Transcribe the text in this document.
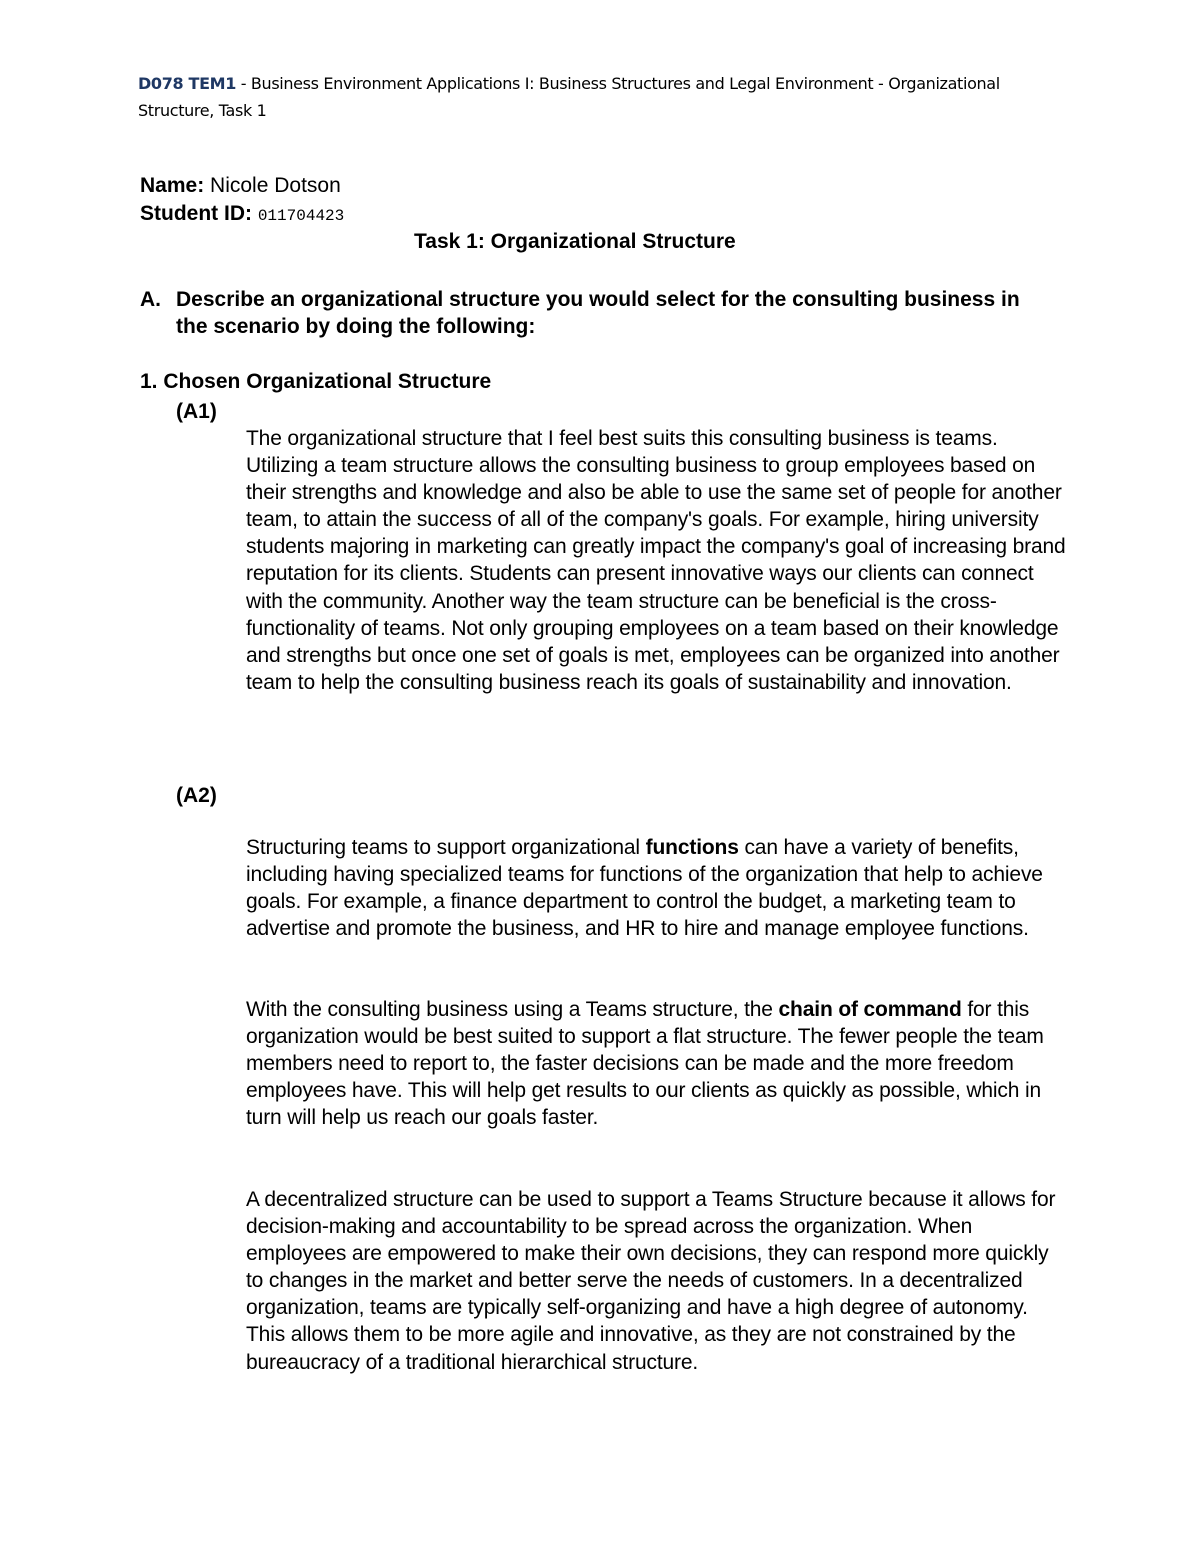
D078 TEM1 - Business Environment Applications I: Business Structures and Legal Environment - Organizational Structure, Task 1
Name: Nicole Dotson
Student ID: 011704423
Task 1: Organizational Structure
A. Describe an organizational structure you would select for the consulting business in the scenario by doing the following:
1. Chosen Organizational Structure
(A1)
The organizational structure that I feel best suits this consulting business is teams. Utilizing a team structure allows the consulting business to group employees based on their strengths and knowledge and also be able to use the same set of people for another team, to attain the success of all of the company's goals. For example, hiring university students majoring in marketing can greatly impact the company's goal of increasing brand reputation for its clients. Students can present innovative ways our clients can connect with the community. Another way the team structure can be beneficial is the cross-functionality of teams. Not only grouping employees on a team based on their knowledge and strengths but once one set of goals is met, employees can be organized into another team to help the consulting business reach its goals of sustainability and innovation.
(A2)
Structuring teams to support organizational functions can have a variety of benefits, including having specialized teams for functions of the organization that help to achieve goals. For example, a finance department to control the budget, a marketing team to advertise and promote the business, and HR to hire and manage employee functions.
With the consulting business using a Teams structure, the chain of command for this organization would be best suited to support a flat structure. The fewer people the team members need to report to, the faster decisions can be made and the more freedom employees have. This will help get results to our clients as quickly as possible, which in turn will help us reach our goals faster.
A decentralized structure can be used to support a Teams Structure because it allows for decision-making and accountability to be spread across the organization. When employees are empowered to make their own decisions, they can respond more quickly to changes in the market and better serve the needs of customers. In a decentralized organization, teams are typically self-organizing and have a high degree of autonomy. This allows them to be more agile and innovative, as they are not constrained by the bureaucracy of a traditional hierarchical structure.
